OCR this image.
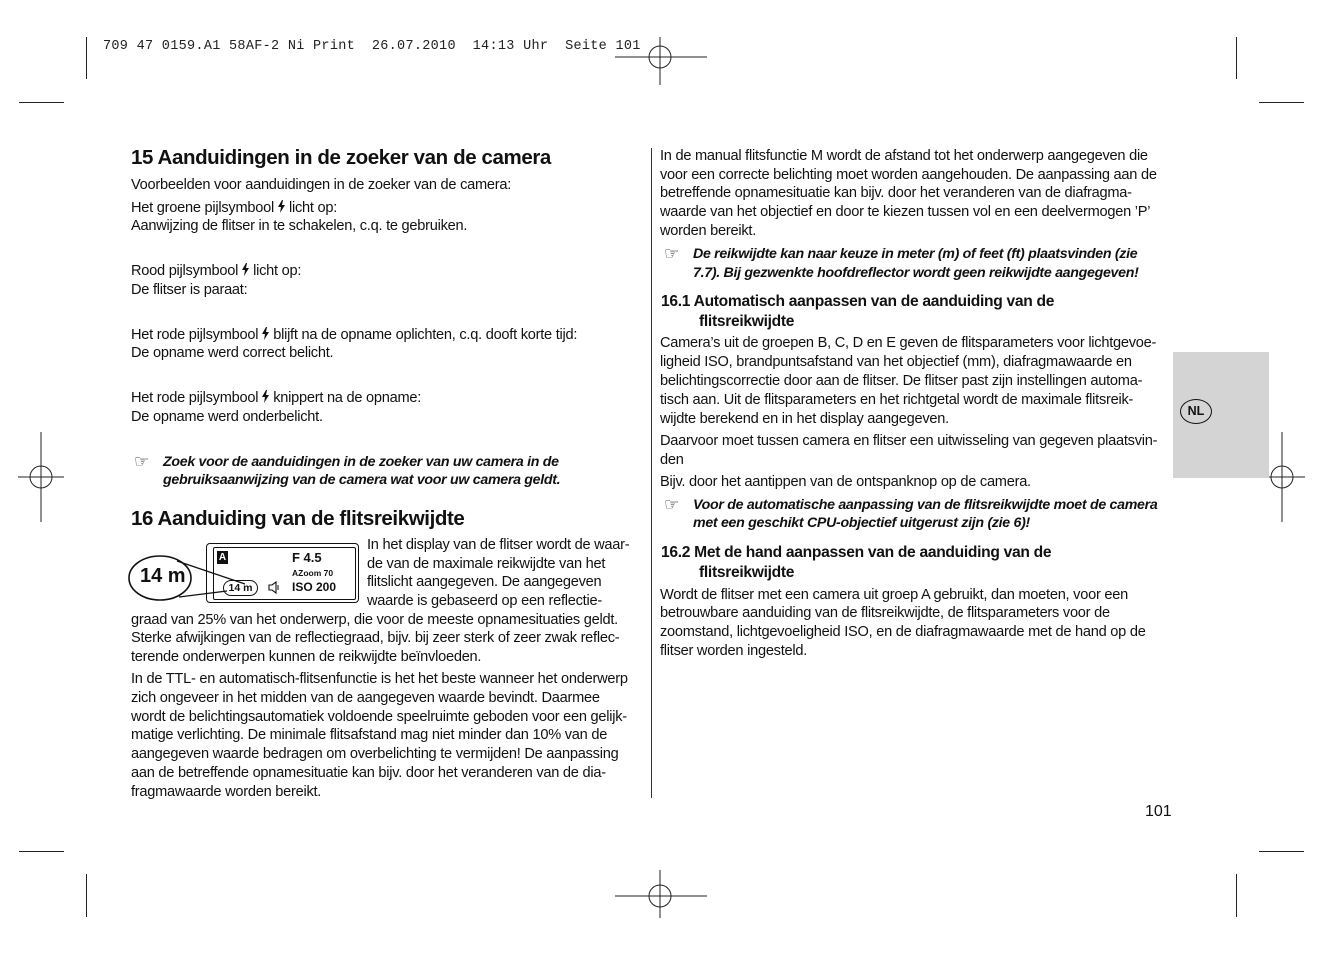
709 47 0159.A1 58AF-2 Ni Print  26.07.2010  14:13 Uhr  Seite 101
NL
15 Aanduidingen in de zoeker van de camera
Voorbeelden voor aanduidingen in de zoeker van de camera:
Het groene pijlsymbool licht op:
Aanwijzing de flitser in te schakelen, c.q. te gebruiken.
Rood pijlsymbool licht op:
De flitser is paraat:
Het rode pijlsymbool blijft na de opname oplichten, c.q. dooft korte tijd:
De opname werd correct belicht.
Het rode pijlsymbool knippert na de opname:
De opname werd onderbelicht.
☞ Zoek voor de aanduidingen in de zoeker van uw camera in de
gebruiksaanwijzing van de camera wat voor uw camera geldt.
16 Aanduiding van de flitsreikwijdte
14 m
A	F 4.5
AZoom 70
14 m	ISO 200
In het display van de flitser wordt de waar-
de van de maximale reikwijdte van het
flitslicht aangegeven. De aangegeven
waarde is gebaseerd op een reflectie-
graad van 25% van het onderwerp, die voor de meeste opnamesituaties geldt.
Sterke afwijkingen van de reflectiegraad, bijv. bij zeer sterk of zeer zwak reflec-
terende onderwerpen kunnen de reikwijdte beïnvloeden.
In de TTL- en automatisch-flitsenfunctie is het het beste wanneer het onderwerp
zich ongeveer in het midden van de aangegeven waarde bevindt. Daarmee
wordt de belichtingsautomatiek voldoende speelruimte geboden voor een gelijk-
matige verlichting. De minimale flitsafstand mag niet minder dan 10% van de
aangegeven waarde bedragen om overbelichting te vermijden! De aanpassing
aan de betreffende opnamesituatie kan bijv. door het veranderen van de dia-
fragmawaarde worden bereikt.
In de manual flitsfunctie M wordt de afstand tot het onderwerp aangegeven die
voor een correcte belichting moet worden aangehouden. De aanpassing aan de
betreffende opnamesituatie kan bijv. door het veranderen van de diafragma-
waarde van het objectief en door te kiezen tussen vol en een deelvermogen ’P’
worden bereikt.
☞ De reikwijdte kan naar keuze in meter (m) of feet (ft) plaatsvinden (zie
7.7). Bij gezwenkte hoofdreflector wordt geen reikwijdte aangegeven!
16.1 Automatisch aanpassen van de aanduiding van de
flitsreikwijdte
Camera’s uit de groepen B, C, D en E geven de flitsparameters voor lichtgevoe-
ligheid ISO, brandpuntsafstand van het objectief (mm), diafragmawaarde en
belichtingscorrectie door aan de flitser. De flitser past zijn instellingen automa-
tisch aan. Uit de flitsparameters en het richtgetal wordt de maximale flitsreik-
wijdte berekend en in het display aangegeven.
Daarvoor moet tussen camera en flitser een uitwisseling van gegeven plaatsvin-
den
Bijv. door het aantippen van de ontspanknop op de camera.
☞ Voor de automatische aanpassing van de flitsreikwijdte moet de camera
met een geschikt CPU-objectief uitgerust zijn (zie 6)!
16.2 Met de hand aanpassen van de aanduiding van de
flitsreikwijdte
Wordt de flitser met een camera uit groep A gebruikt, dan moeten, voor een
betrouwbare aanduiding van de flitsreikwijdte, de flitsparameters voor de
zoomstand, lichtgevoeligheid ISO, en de diafragmawaarde met de hand op de
flitser worden ingesteld.
101
